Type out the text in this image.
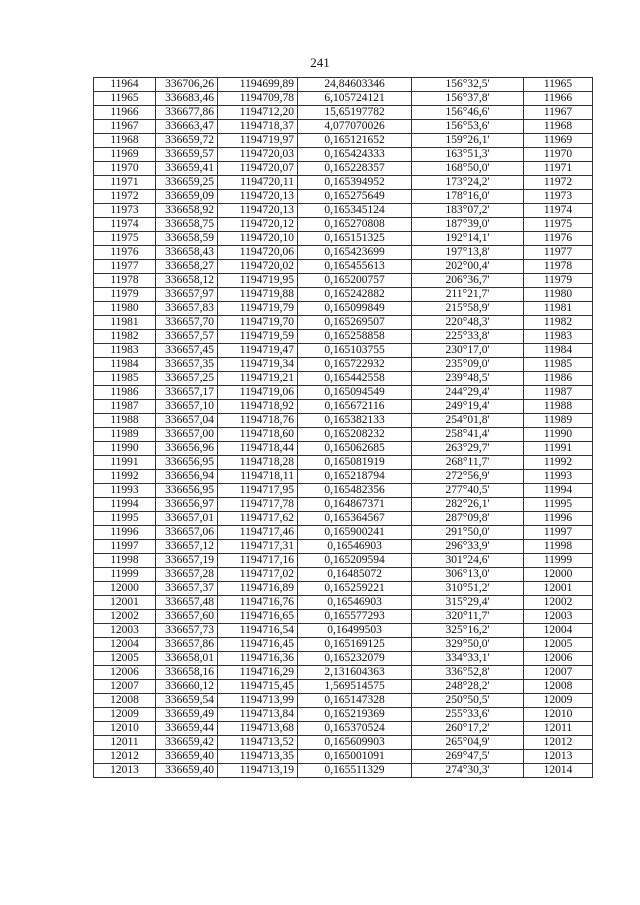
241
11964	336706,26	1194699,89	24,84603346	156°32,5'	11965
11965	336683,46	1194709,78	6,105724121	156°37,8'	11966
11966	336677,86	1194712,20	15,65197782	156°46,6'	11967
11967	336663,47	1194718,37	4,077070026	156°53,6'	11968
11968	336659,72	1194719,97	0,165121652	159°26,1'	11969
11969	336659,57	1194720,03	0,165424333	163°51,3'	11970
11970	336659,41	1194720,07	0,165228357	168°50,0'	11971
11971	336659,25	1194720,11	0,165394952	173°24,2'	11972
11972	336659,09	1194720,13	0,165275649	178°16,0'	11973
11973	336658,92	1194720,13	0,165345124	183°07,2'	11974
11974	336658,75	1194720,12	0,165270808	187°39,0'	11975
11975	336658,59	1194720,10	0,165151325	192°14,1'	11976
11976	336658,43	1194720,06	0,165423699	197°13,8'	11977
11977	336658,27	1194720,02	0,165455613	202°00,4'	11978
11978	336658,12	1194719,95	0,165200757	206°36,7'	11979
11979	336657,97	1194719,88	0,165242882	211°21,7'	11980
11980	336657,83	1194719,79	0,165099849	215°58,9'	11981
11981	336657,70	1194719,70	0,165269507	220°48,3'	11982
11982	336657,57	1194719,59	0,165258858	225°33,8'	11983
11983	336657,45	1194719,47	0,165103755	230°17,0'	11984
11984	336657,35	1194719,34	0,165722932	235°09,0'	11985
11985	336657,25	1194719,21	0,165442558	239°48,5'	11986
11986	336657,17	1194719,06	0,165094549	244°29,4'	11987
11987	336657,10	1194718,92	0,165672116	249°19,4'	11988
11988	336657,04	1194718,76	0,165382133	254°01,8'	11989
11989	336657,00	1194718,60	0,165208232	258°41,4'	11990
11990	336656,96	1194718,44	0,165062685	263°29,7'	11991
11991	336656,95	1194718,28	0,165081919	268°11,7'	11992
11992	336656,94	1194718,11	0,165218794	272°56,9'	11993
11993	336656,95	1194717,95	0,165482356	277°40,5'	11994
11994	336656,97	1194717,78	0,164867371	282°26,1'	11995
11995	336657,01	1194717,62	0,165364567	287°09,8'	11996
11996	336657,06	1194717,46	0,165900241	291°50,0'	11997
11997	336657,12	1194717,31	0,16546903	296°33,9'	11998
11998	336657,19	1194717,16	0,165209594	301°24,6'	11999
11999	336657,28	1194717,02	0,16485072	306°13,0'	12000
12000	336657,37	1194716,89	0,165259221	310°51,2'	12001
12001	336657,48	1194716,76	0,16546903	315°29,4'	12002
12002	336657,60	1194716,65	0,165577293	320°11,7'	12003
12003	336657,73	1194716,54	0,16499503	325°16,2'	12004
12004	336657,86	1194716,45	0,165169125	329°50,0'	12005
12005	336658,01	1194716,36	0,165232079	334°33,1'	12006
12006	336658,16	1194716,29	2,131604363	336°52,8'	12007
12007	336660,12	1194715,45	1,569514575	248°28,2'	12008
12008	336659,54	1194713,99	0,165147328	250°50,5'	12009
12009	336659,49	1194713,84	0,165219369	255°33,6'	12010
12010	336659,44	1194713,68	0,165370524	260°17,2'	12011
12011	336659,42	1194713,52	0,165609903	265°04,9'	12012
12012	336659,40	1194713,35	0,165001091	269°47,5'	12013
12013	336659,40	1194713,19	0,165511329	274°30,3'	12014
